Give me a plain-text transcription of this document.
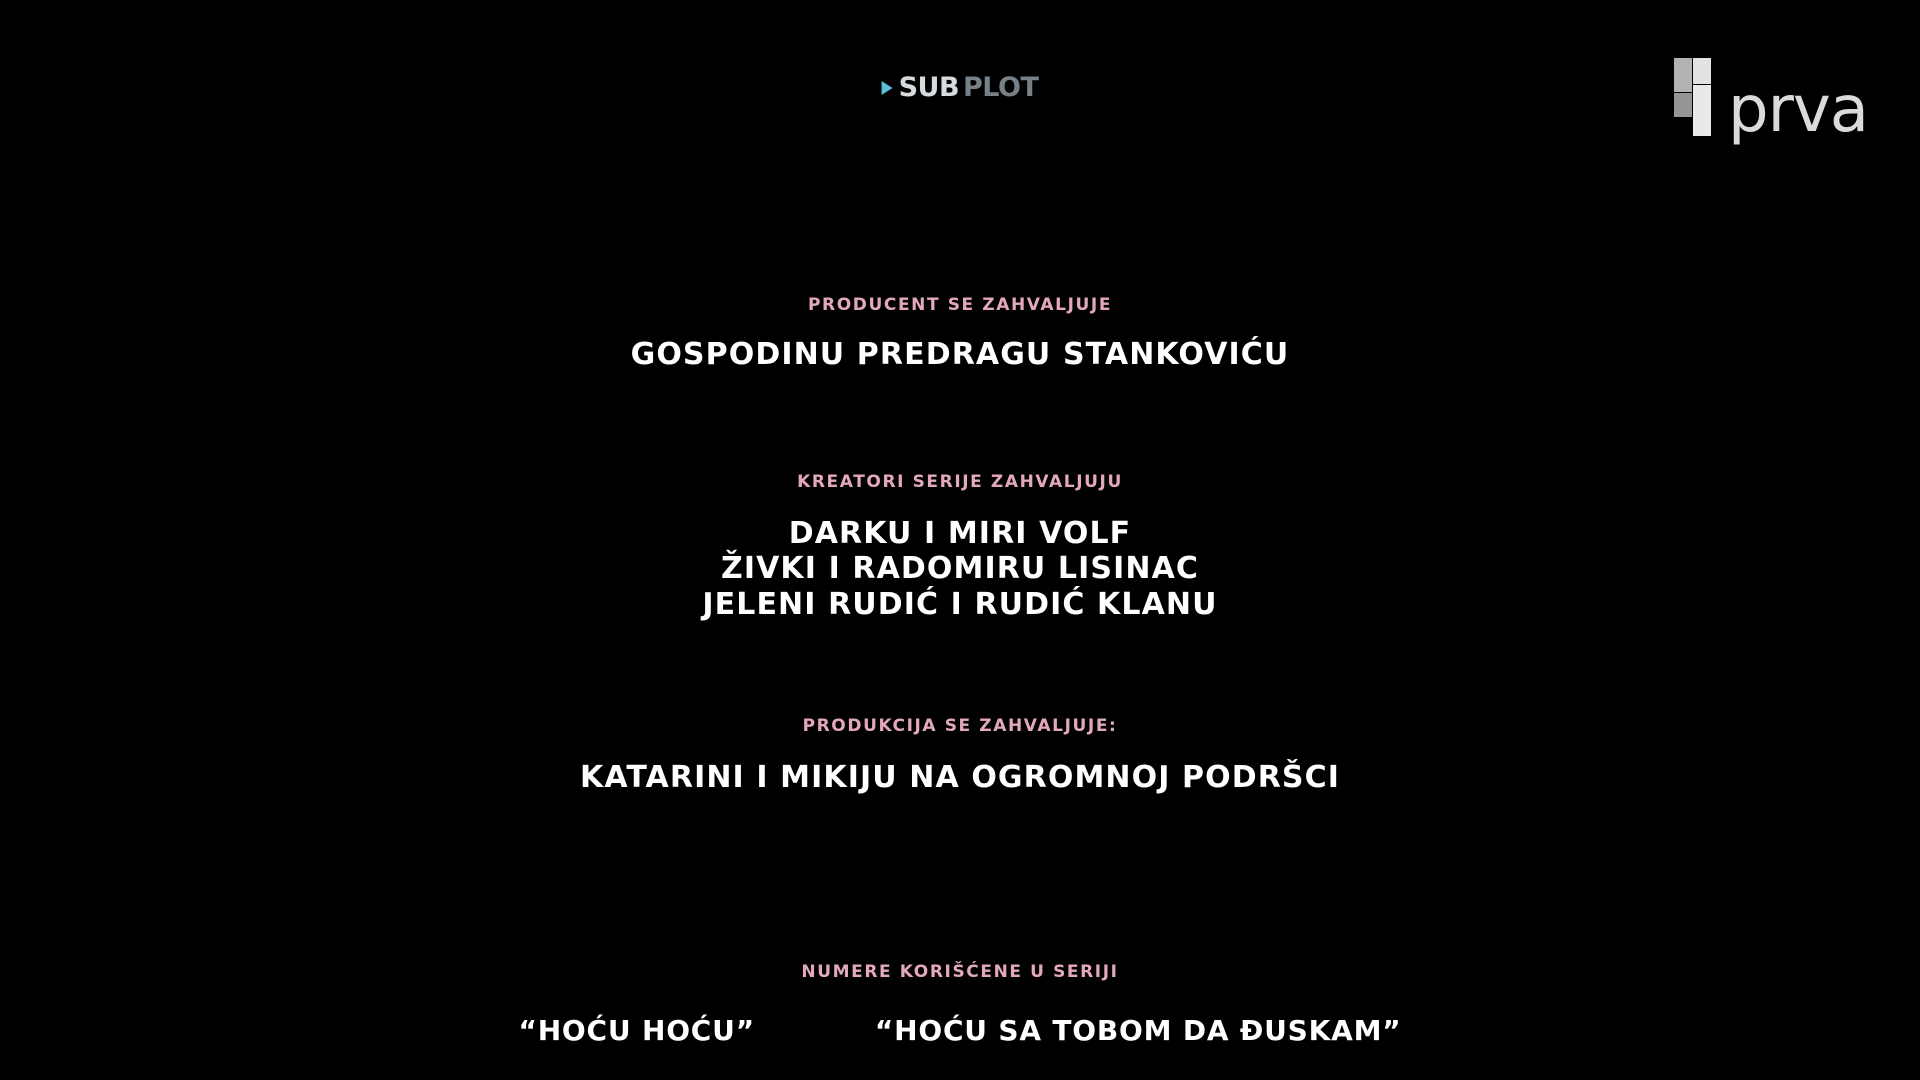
SUB PLOT	prva
PRODUCENT SE ZAHVALJUJE
GOSPODINU PREDRAGU STANKOVIĆU
KREATORI SERIJE ZAHVALJUJU
DARKU I MIRI VOLF
ŽIVKI I RADOMIRU LISINAC
JELENI RUDIĆ I RUDIĆ KLANU
PRODUKCIJA SE ZAHVALJUJE:
KATARINI I MIKIJU NA OGROMNOJ PODRŠCI
NUMERE KORIŠĆENE U SERIJI
“HOĆU HOĆU”	“HOĆU SA TOBOM DA ĐUSKAM”
